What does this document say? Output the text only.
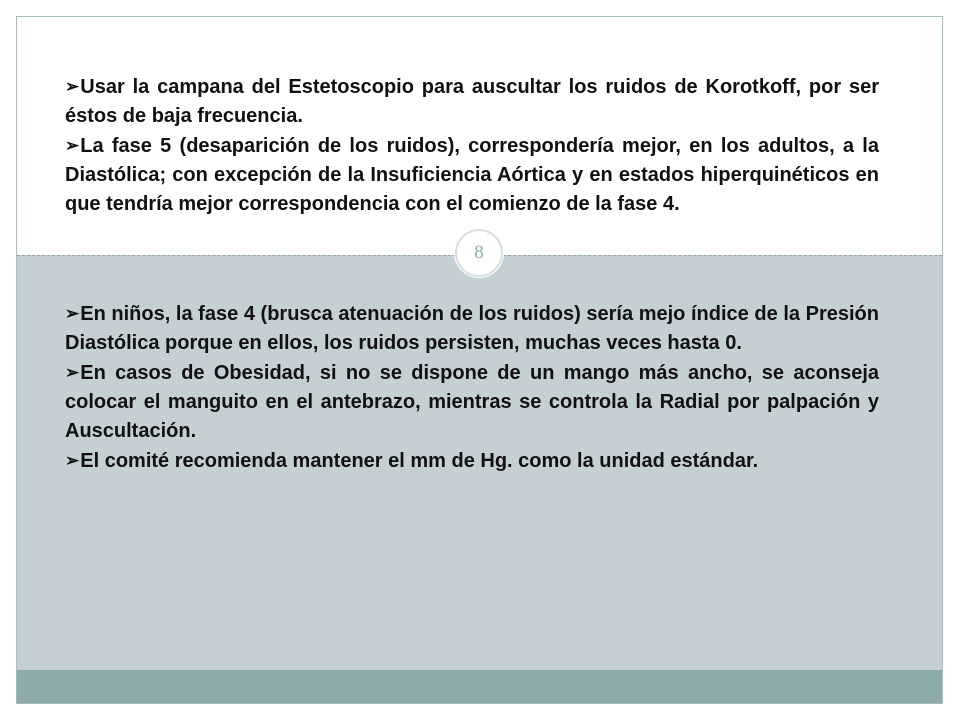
➢Usar la campana del Estetoscopio para auscultar los ruidos de Korotkoff, por ser éstos de baja frecuencia.
➢La fase 5 (desaparición de los ruidos), correspondería mejor, en los adultos, a la Diastólica; con excepción de la Insuficiencia Aórtica y en estados hiperquinéticos en que tendría mejor correspondencia con el comienzo de la fase 4.
➢En niños, la fase 4 (brusca atenuación de los ruidos) sería mejo índice de la Presión Diastólica porque en ellos, los ruidos persisten, muchas veces hasta 0.
➢En casos de Obesidad, si no se dispone de un mango más ancho, se aconseja colocar el manguito en el antebrazo, mientras se controla la Radial por palpación y Auscultación.
➢El comité recomienda mantener el mm de Hg. como la unidad estándar.
8
